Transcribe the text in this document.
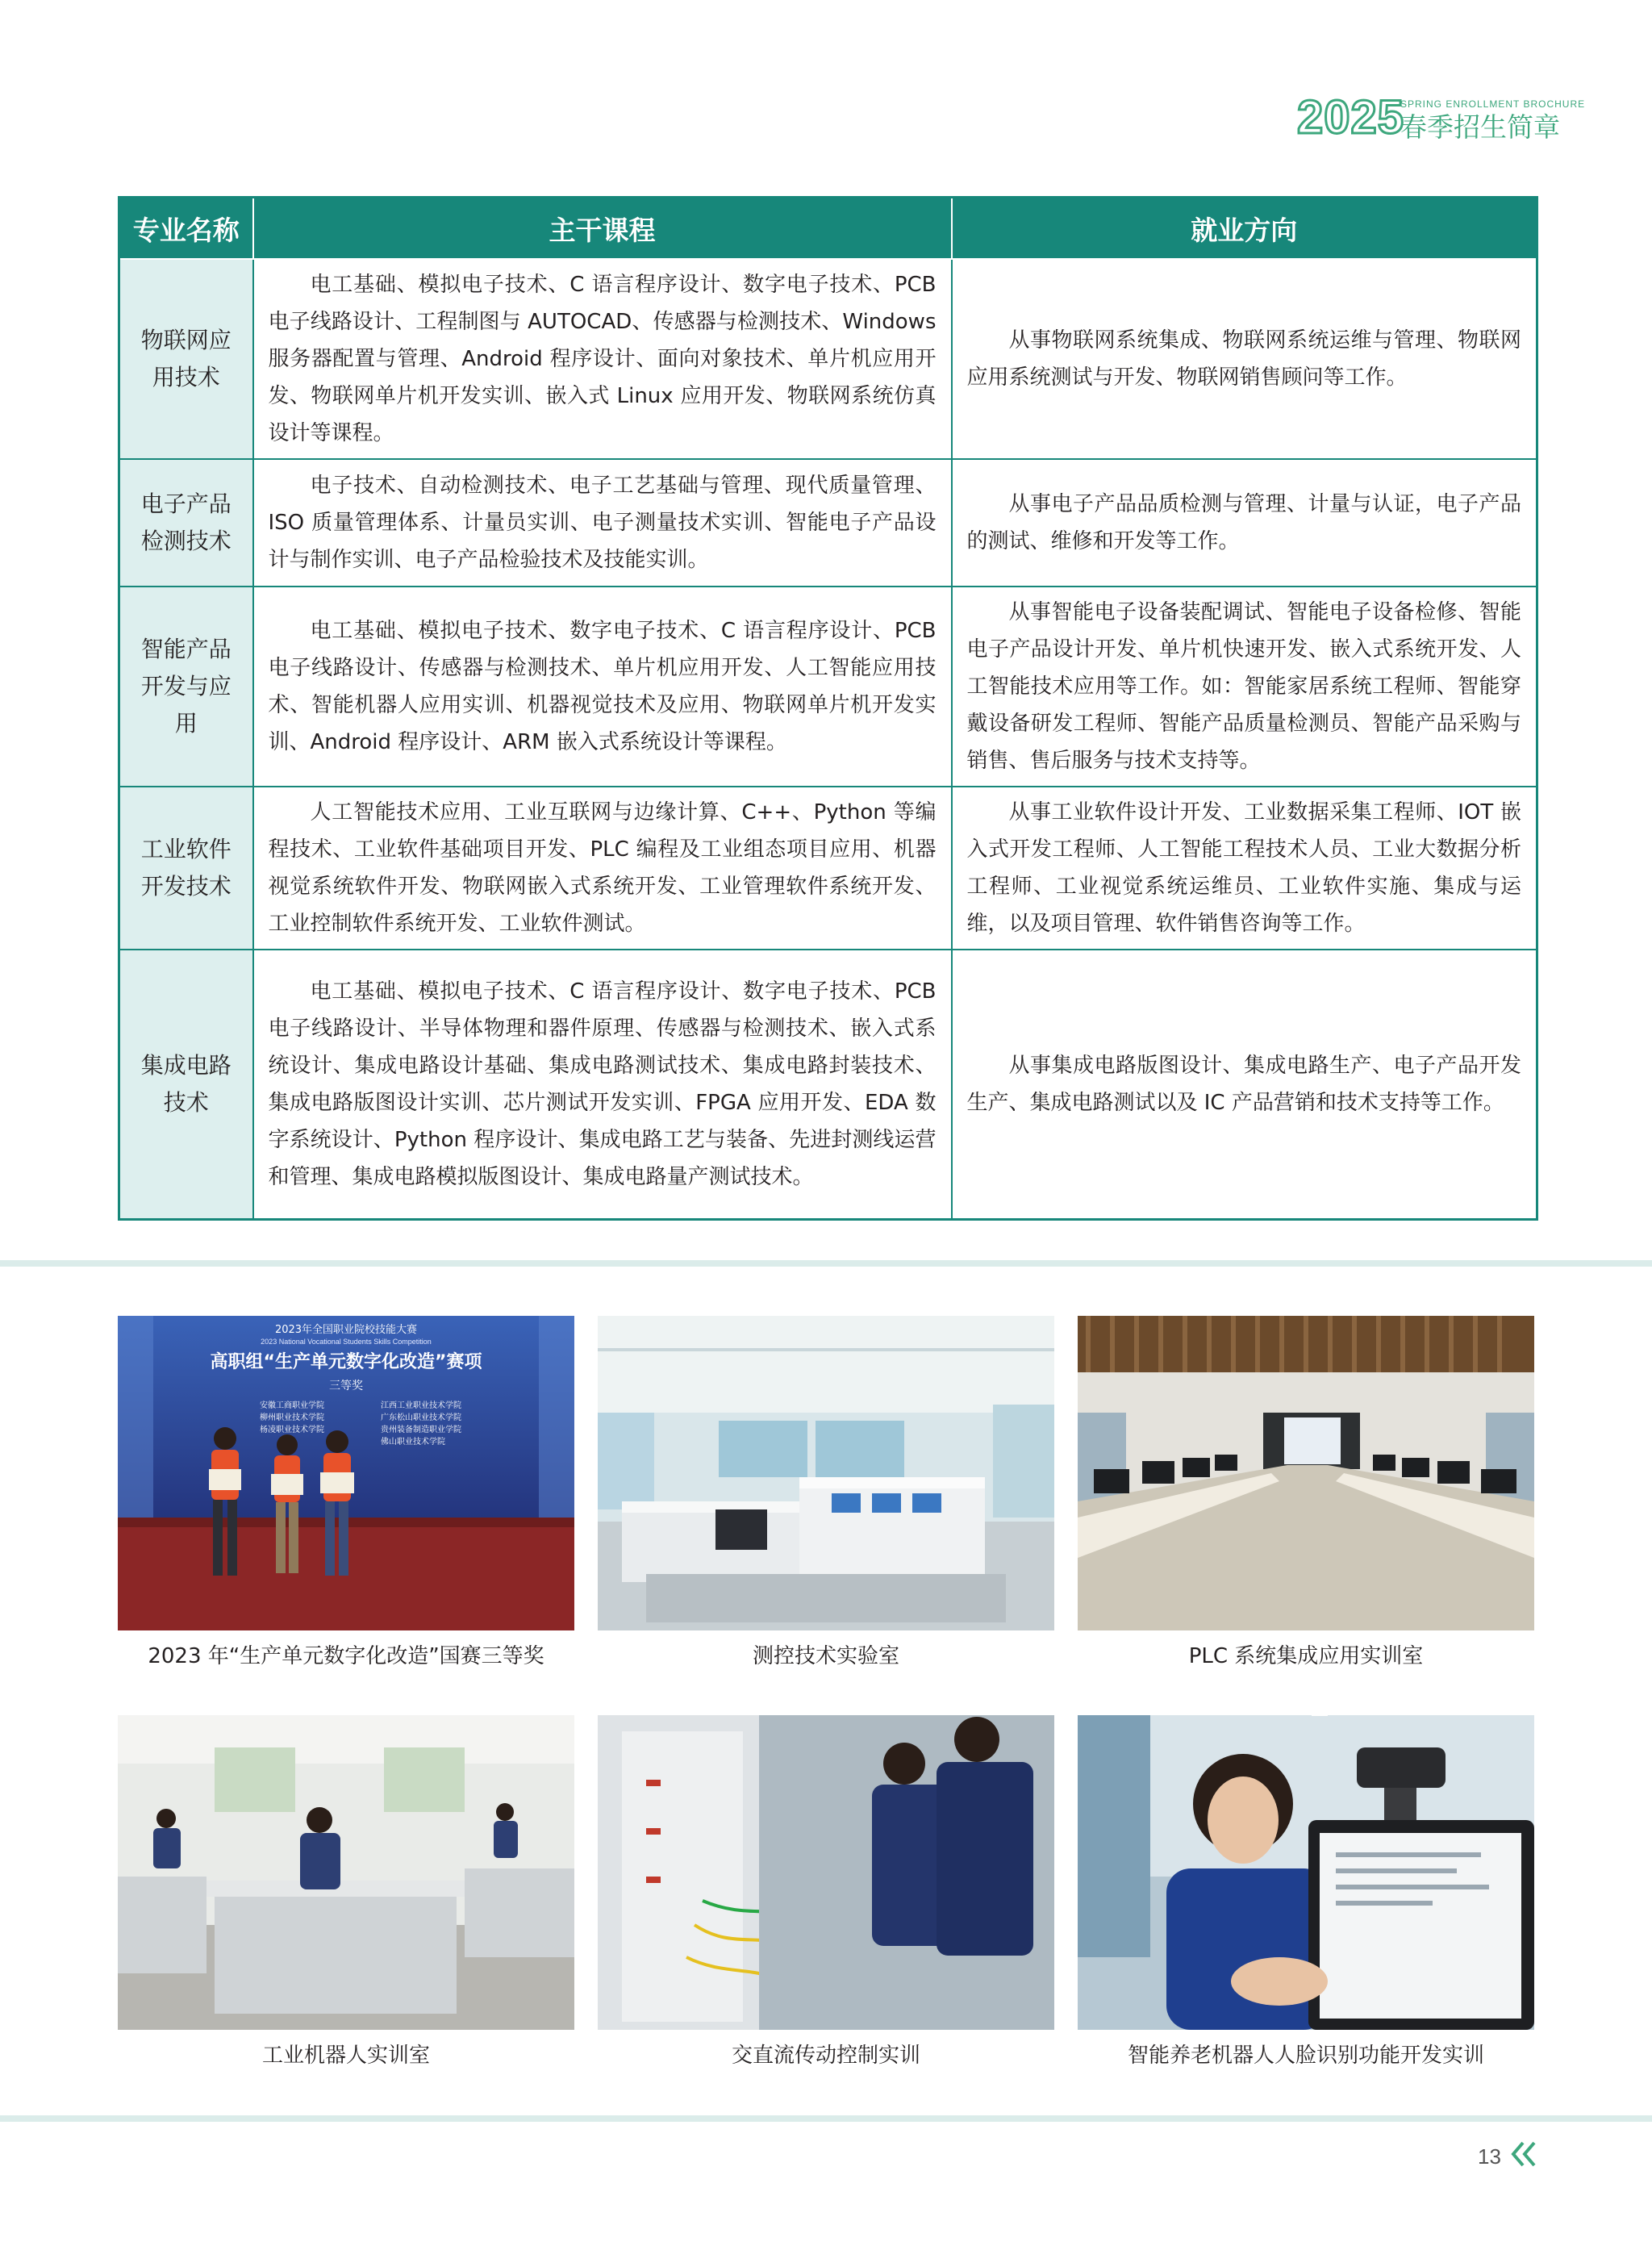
2025
SPRING ENROLLMENT BROCHURE
春季招生简章
专业名称	主干课程	就业方向
物联网应用技术	电工基础、模拟电子技术、C 语言程序设计、数字电子技术、PCB 电子线路设计、工程制图与 AUTOCAD、传感器与检测技术、Windows 服务器配置与管理、Android 程序设计、面向对象技术、单片机应用开发、物联网单片机开发实训、嵌入式 Linux 应用开发、物联网系统仿真设计等课程。	从事物联网系统集成、物联网系统运维与管理、物联网应用系统测试与开发、物联网销售顾问等工作。
电子产品检测技术	电子技术、自动检测技术、电子工艺基础与管理、现代质量管理、ISO 质量管理体系、计量员实训、电子测量技术实训、智能电子产品设计与制作实训、电子产品检验技术及技能实训。	从事电子产品品质检测与管理、计量与认证，电子产品的测试、维修和开发等工作。
智能产品开发与应用	电工基础、模拟电子技术、数字电子技术、C 语言程序设计、PCB 电子线路设计、传感器与检测技术、单片机应用开发、人工智能应用技术、智能机器人应用实训、机器视觉技术及应用、物联网单片机开发实训、Android 程序设计、ARM 嵌入式系统设计等课程。	从事智能电子设备装配调试、智能电子设备检修、智能电子产品设计开发、单片机快速开发、嵌入式系统开发、人工智能技术应用等工作。如：智能家居系统工程师、智能穿戴设备研发工程师、智能产品质量检测员、智能产品采购与销售、售后服务与技术支持等。
工业软件开发技术	人工智能技术应用、工业互联网与边缘计算、C++、Python 等编程技术、工业软件基础项目开发、PLC 编程及工业组态项目应用、机器视觉系统软件开发、物联网嵌入式系统开发、工业管理软件系统开发、工业控制软件系统开发、工业软件测试。	从事工业软件设计开发、工业数据采集工程师、IOT 嵌入式开发工程师、人工智能工程技术人员、工业大数据分析工程师、工业视觉系统运维员、工业软件实施、集成与运维，以及项目管理、软件销售咨询等工作。
集成电路技术	电工基础、模拟电子技术、C 语言程序设计、数字电子技术、PCB 电子线路设计、半导体物理和器件原理、传感器与检测技术、嵌入式系统设计、集成电路设计基础、集成电路测试技术、集成电路封装技术、集成电路版图设计实训、芯片测试开发实训、FPGA 应用开发、EDA 数字系统设计、Python 程序设计、集成电路工艺与装备、先进封测线运营和管理、集成电路模拟版图设计、集成电路量产测试技术。	从事集成电路版图设计、集成电路生产、电子产品开发生产、集成电路测试以及 IC 产品营销和技术支持等工作。
2023年全国职业院校技能大赛
2023 National Vocational Students Skills Competition
高职组“生产单元数字化改造”赛项
三等奖
安徽工商职业学院
柳州职业技术学院
杨凌职业技术学院
江西工业职业技术学院
广东松山职业技术学院
贵州装备制造职业学院
佛山职业技术学院
2023 年“生产单元数字化改造”国赛三等奖	测控技术实验室	PLC 系统集成应用实训室
工业机器人实训室	交直流传动控制实训	智能养老机器人人脸识别功能开发实训
13
